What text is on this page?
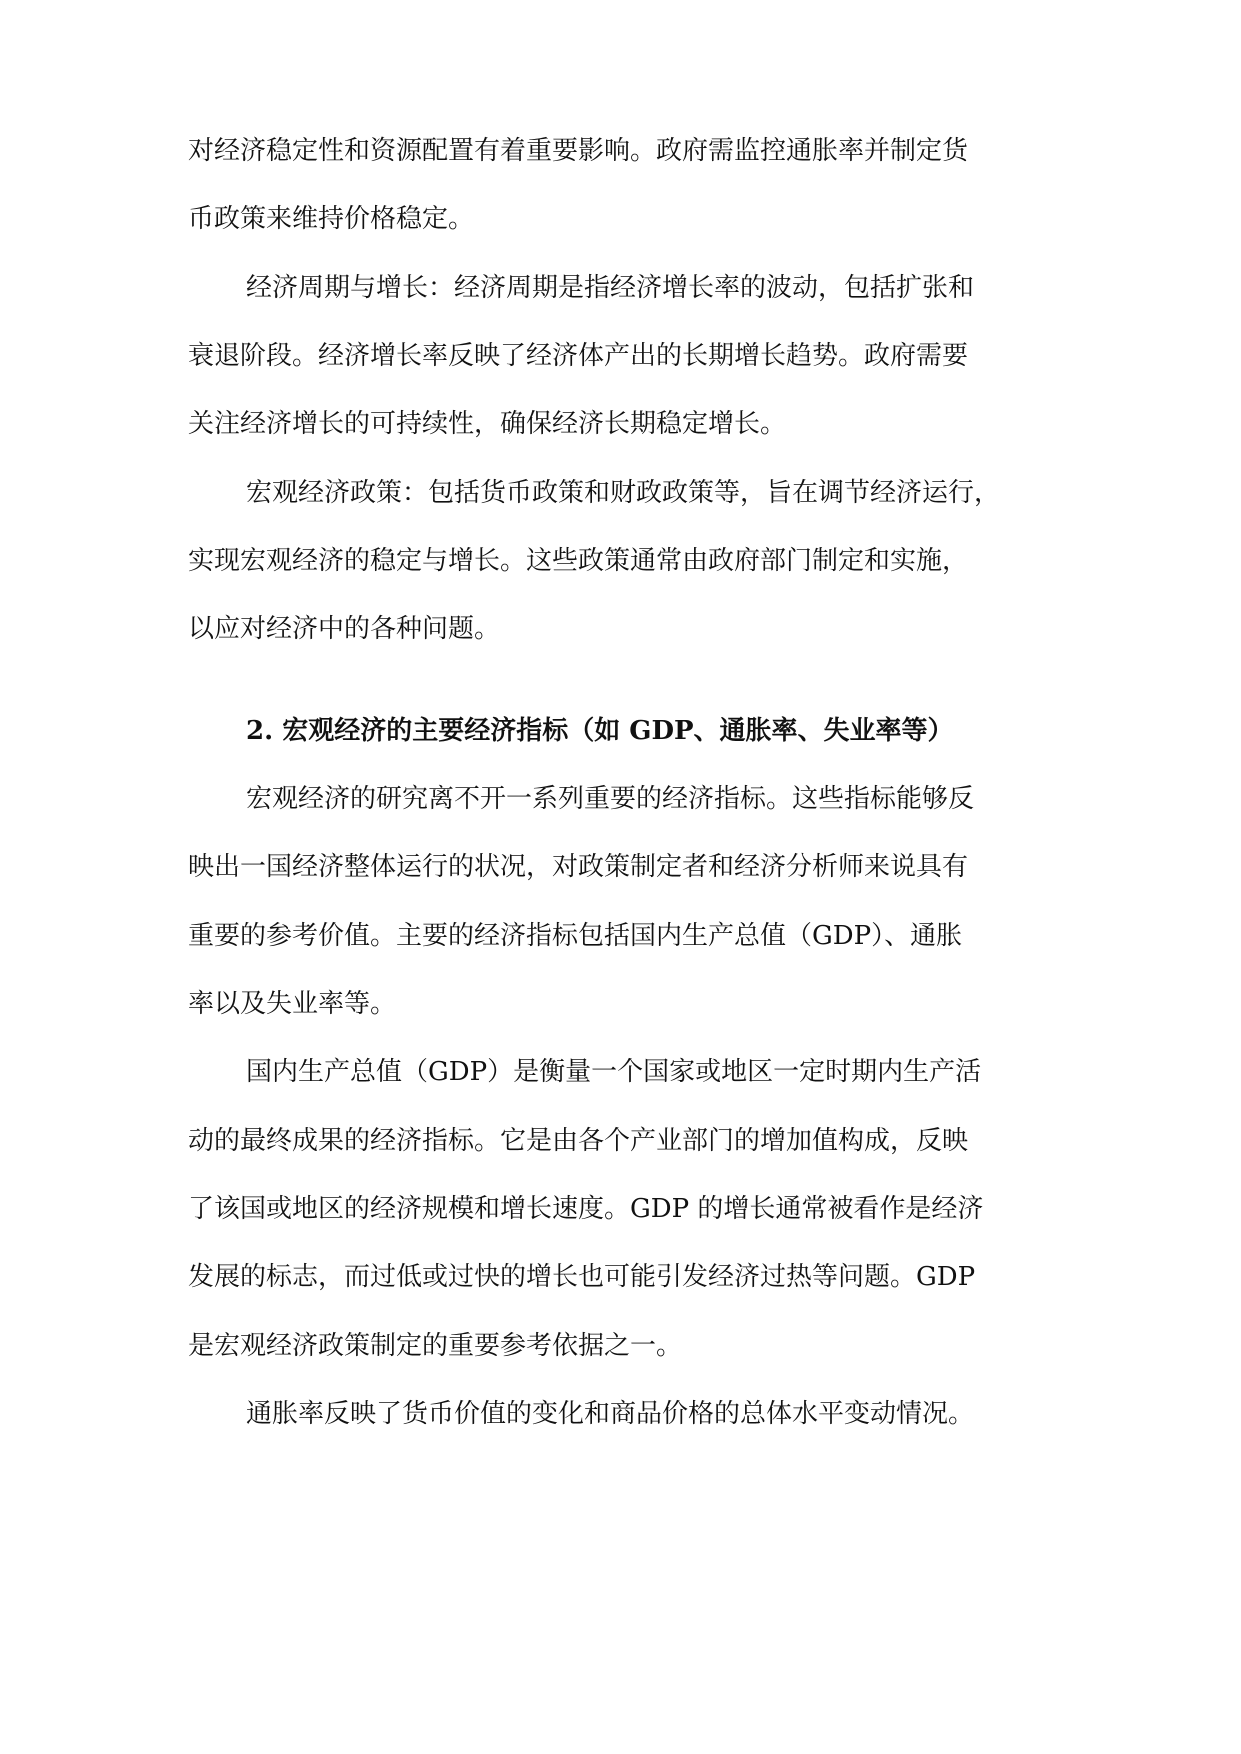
对经济稳定性和资源配置有着重要影响。政府需监控通胀率并制定货
币政策来维持价格稳定。
经济周期与增长：经济周期是指经济增长率的波动，包括扩张和
衰退阶段。经济增长率反映了经济体产出的长期增长趋势。政府需要
关注经济增长的可持续性，确保经济长期稳定增长。
宏观经济政策：包括货币政策和财政政策等，旨在调节经济运行，
实现宏观经济的稳定与增长。这些政策通常由政府部门制定和实施，
以应对经济中的各种问题。
2. 宏观经济的主要经济指标（如 GDP、通胀率、失业率等）
宏观经济的研究离不开一系列重要的经济指标。这些指标能够反
映出一国经济整体运行的状况，对政策制定者和经济分析师来说具有
重要的参考价值。主要的经济指标包括国内生产总值（GDP）、通胀
率以及失业率等。
国内生产总值（GDP）是衡量一个国家或地区一定时期内生产活
动的最终成果的经济指标。它是由各个产业部门的增加值构成，反映
了该国或地区的经济规模和增长速度。GDP 的增长通常被看作是经济
发展的标志，而过低或过快的增长也可能引发经济过热等问题。GDP
是宏观经济政策制定的重要参考依据之一。
通胀率反映了货币价值的变化和商品价格的总体水平变动情况。
